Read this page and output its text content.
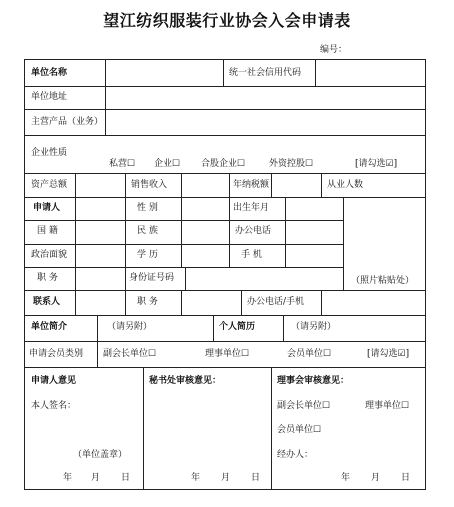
望江纺织服装行业协会入会申请表
编号：
单位名称	统一社会信用代码
单位地址
主营产品（业务）
企业性质
私营☐ 企业☐ 合股企业☐	外资控股☐	[请勾选☑]
资产总额	销售收入	年纳税额	从业人数
申请人	性 别	出生年月
国 籍	民 族	办公电话
政治面貌	学 历	手 机
职 务	身份证号码	（照片粘贴处）
联系人	职 务	办公电话/手机
单位简介	（请另附）	个人简历	（请另附）
申请会员类别 副会长单位☐	理事单位☐	会员单位☐	[请勾选☑]
申请人意见
本人签名：
（单位盖章）
年 月 日
秘书处审核意见：
年 月 日
理事会审核意见：
副会长单位☐	理事单位☐
会员单位☐
经办人：
年 月 日
